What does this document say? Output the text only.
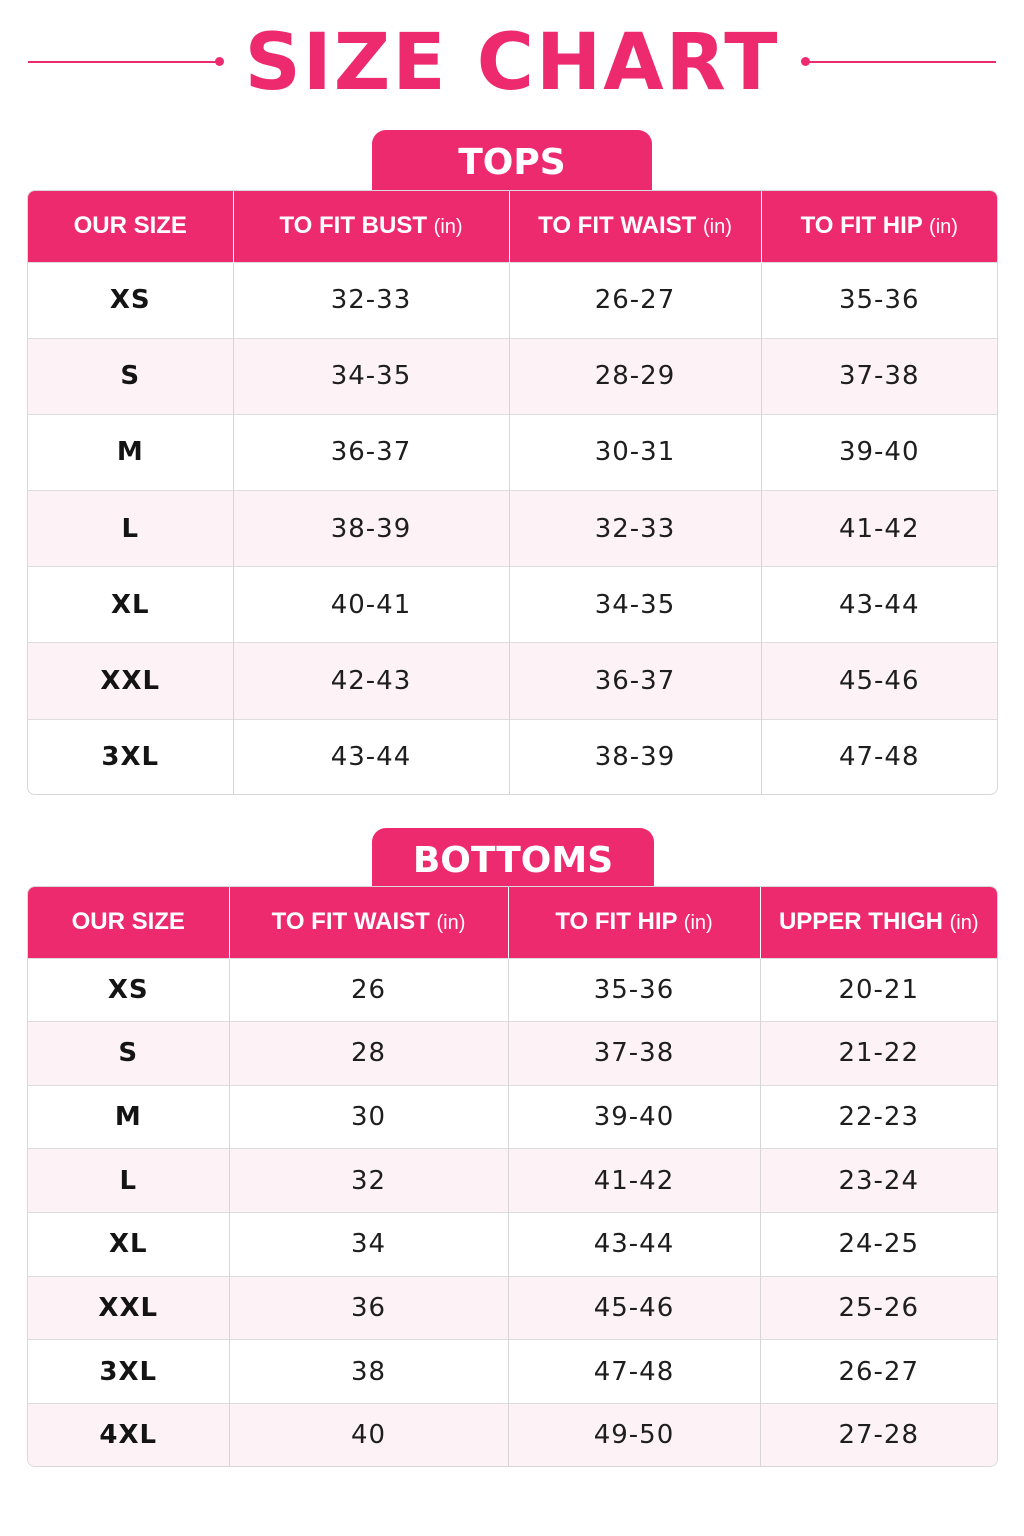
SIZE CHART
TOPS
OUR SIZE	TO FIT BUST (in)	TO FIT WAIST (in)	TO FIT HIP (in)
XS	32-33	26-27	35-36
S	34-35	28-29	37-38
M	36-37	30-31	39-40
L	38-39	32-33	41-42
XL	40-41	34-35	43-44
XXL	42-43	36-37	45-46
3XL	43-44	38-39	47-48
BOTTOMS
OUR SIZE	TO FIT WAIST (in)	TO FIT HIP (in)	UPPER THIGH (in)
XS	26	35-36	20-21
S	28	37-38	21-22
M	30	39-40	22-23
L	32	41-42	23-24
XL	34	43-44	24-25
XXL	36	45-46	25-26
3XL	38	47-48	26-27
4XL	40	49-50	27-28
